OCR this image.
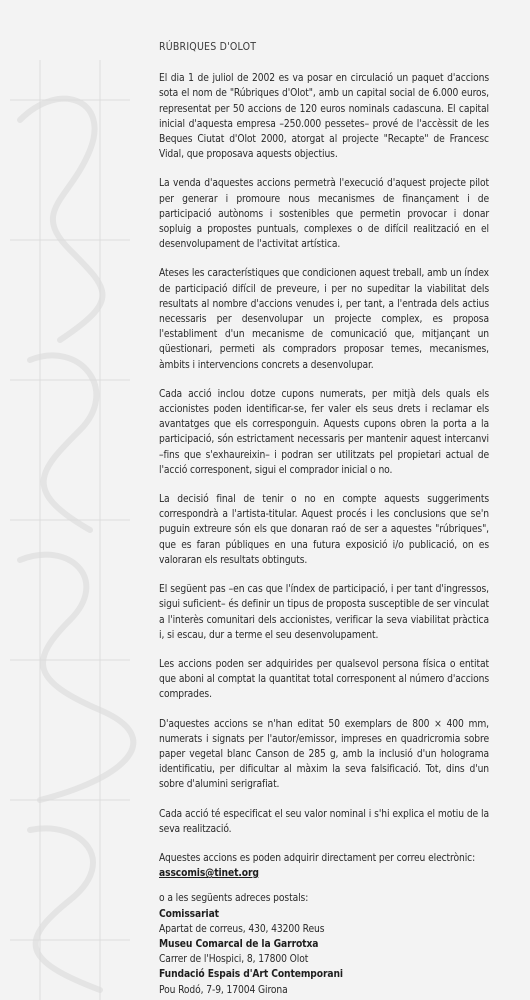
RÚBRIQUES D'OLOT

El dia 1 de juliol de 2002 es va posar en circulació un paquet d'accions sota el nom de "Rúbriques d'Olot", amb un capital social de 6.000 euros, representat per 50 accions de 120 euros nominals cadascuna. El capital inicial d'aquesta empresa –250.000 pessetes– prové de l'accèssit de les Beques Ciutat d'Olot 2000, atorgat al projecte "Recapte" de Francesc Vidal, que proposava aquests objectius.

La venda d'aquestes accions permetrà l'execució d'aquest projecte pilot per generar i promoure nous mecanismes de finançament i de participació autònoms i sostenibles que permetin provocar i donar sopluig a propostes puntuals, complexes o de difícil realització en el desenvolupament de l'activitat artística.

Ateses les característiques que condicionen aquest treball, amb un índex de participació difícil de preveure, i per no supeditar la viabilitat dels resultats al nombre d'accions venudes i, per tant, a l'entrada dels actius necessaris per desenvolupar un projecte complex, es proposa l'establiment d'un mecanisme de comunicació que, mitjançant un qüestionari, permeti als compradors proposar temes, mecanismes, àmbits i intervencions concrets a desenvolupar.

Cada acció inclou dotze cupons numerats, per mitjà dels quals els accionistes poden identificar-se, fer valer els seus drets i reclamar els avantatges que els corresponguin. Aquests cupons obren la porta a la participació, són estrictament necessaris per mantenir aquest intercanvi –fins que s'exhaureixin– i podran ser utilitzats pel propietari actual de l'acció corresponent, sigui el comprador inicial o no.

La decisió final de tenir o no en compte aquests suggeriments correspondrà a l'artista-titular. Aquest procés i les conclusions que se'n puguin extreure són els que donaran raó de ser a aquestes "rúbriques", que es faran públiques en una futura exposició i/o publicació, on es valoraran els resultats obtinguts.

El següent pas –en cas que l'índex de participació, i per tant d'ingressos, sigui suficient– és definir un tipus de proposta susceptible de ser vinculat a l'interès comunitari dels accionistes, verificar la seva viabilitat pràctica i, si escau, dur a terme el seu desenvolupament.

Les accions poden ser adquirides per qualsevol persona física o entitat que aboni al comptat la quantitat total corresponent al número d'accions comprades.

D'aquestes accions se n'han editat 50 exemplars de 800 × 400 mm, numerats i signats per l'autor/emissor, impreses en quadricromia sobre paper vegetal blanc Canson de 285 g, amb la inclusió d'un holograma identificatiu, per dificultar al màxim la seva falsificació. Tot, dins d'un sobre d'alumini serigrafiat.

Cada acció té especificat el seu valor nominal i s'hi explica el motiu de la seva realització.

Aquestes accions es poden adquirir directament per correu electrònic:

asscomis@tinet.org

o a les següents adreces postals:

Comissariat

Apartat de correus, 430, 43200 Reus

Museu Comarcal de la Garrotxa

Carrer de l'Hospici, 8, 17800 Olot

Fundació Espais d'Art Contemporani

Pou Rodó, 7-9, 17004 Girona
